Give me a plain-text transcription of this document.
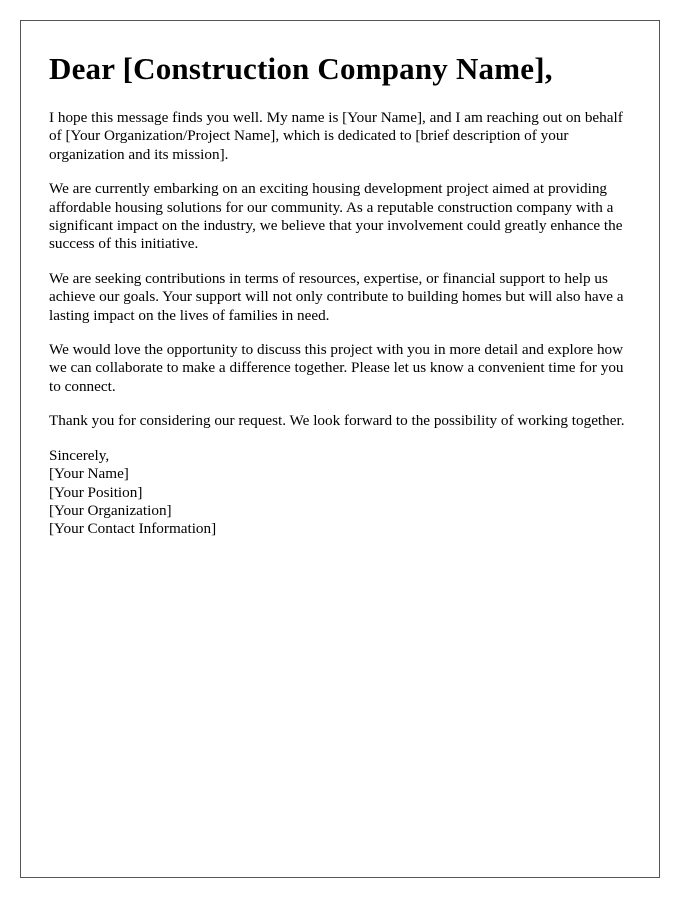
Dear [Construction Company Name],

I hope this message finds you well. My name is [Your Name], and I am reaching out on behalf of [Your Organization/Project Name], which is dedicated to [brief description of your organization and its mission].

We are currently embarking on an exciting housing development project aimed at providing affordable housing solutions for our community. As a reputable construction company with a significant impact on the industry, we believe that your involvement could greatly enhance the success of this initiative.

We are seeking contributions in terms of resources, expertise, or financial support to help us achieve our goals. Your support will not only contribute to building homes but will also have a lasting impact on the lives of families in need.

We would love the opportunity to discuss this project with you in more detail and explore how we can collaborate to make a difference together. Please let us know a convenient time for you to connect.

Thank you for considering our request. We look forward to the possibility of working together.

Sincerely,
[Your Name]
[Your Position]
[Your Organization]
[Your Contact Information]
